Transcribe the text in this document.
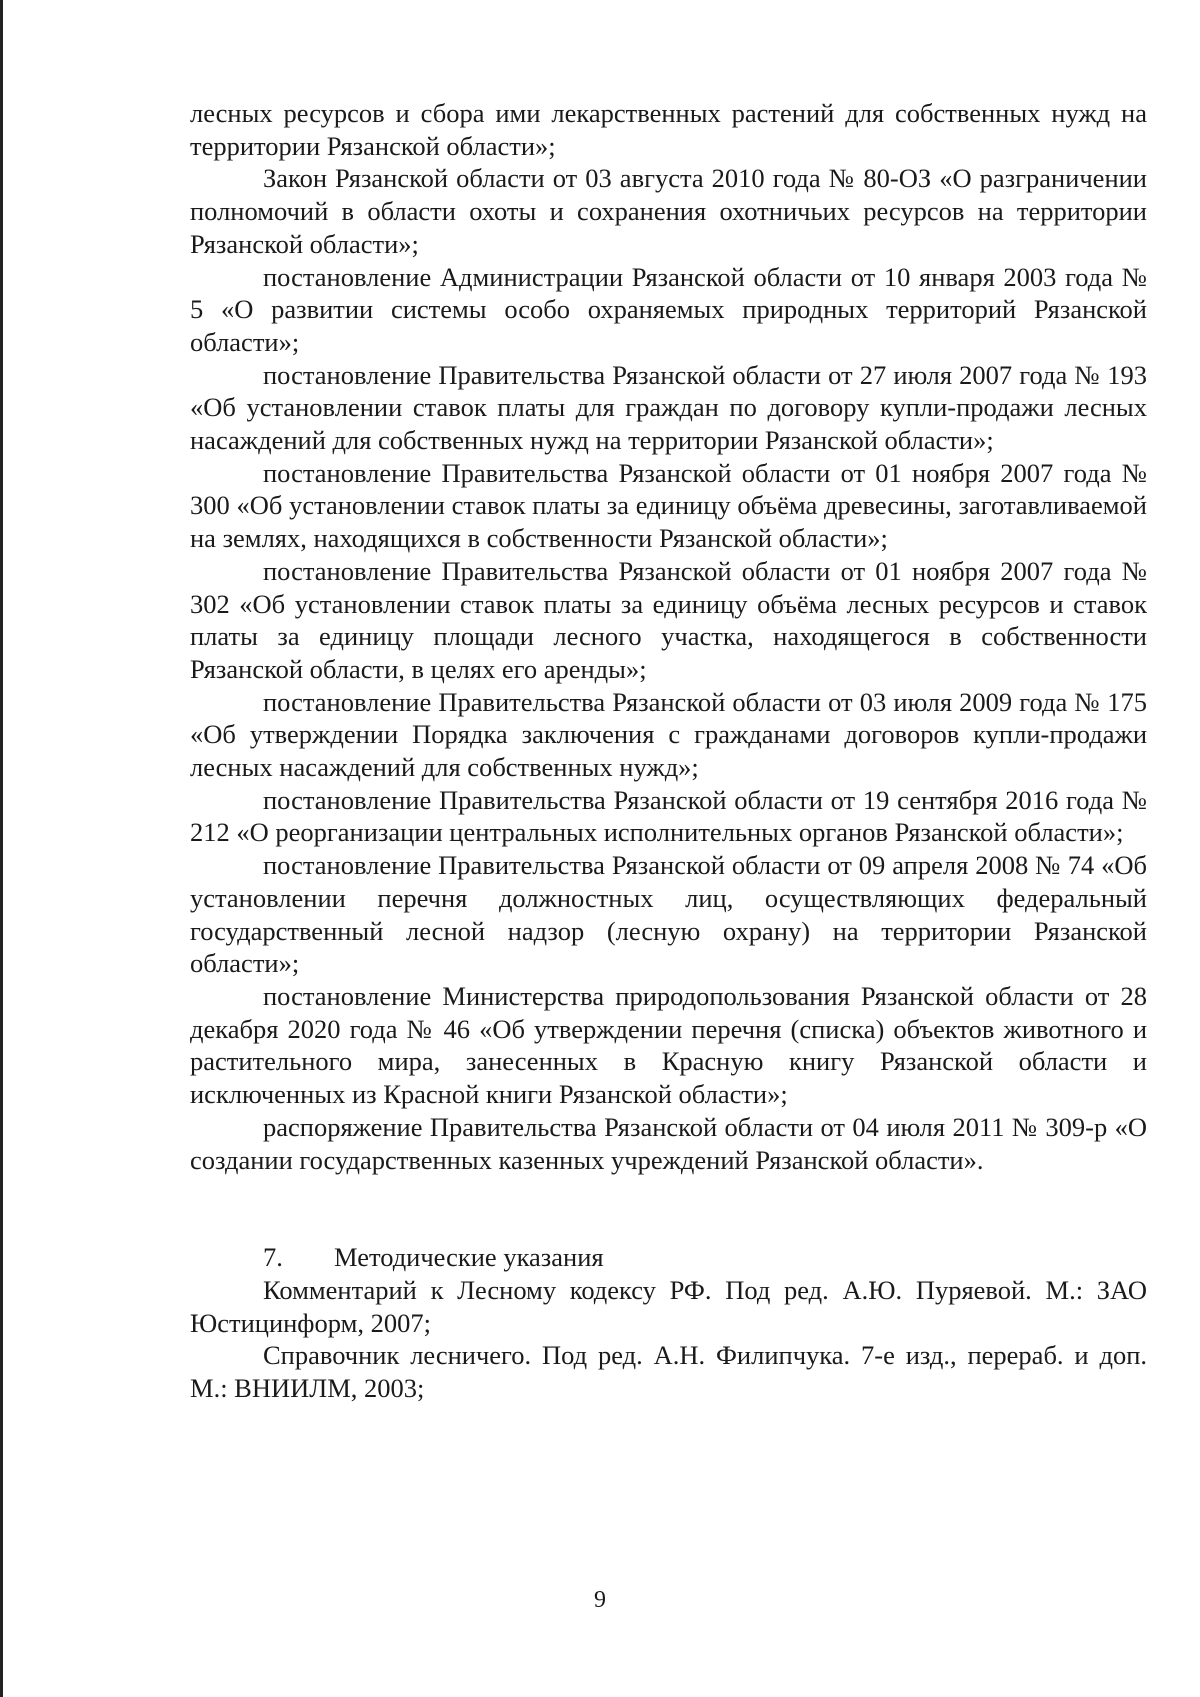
лесных ресурсов и сбора ими лекарственных растений для собственных нужд на территории Рязанской области»;

Закон Рязанской области от 03 августа 2010 года № 80-ОЗ «О разграничении полномочий в области охоты и сохранения охотничьих ресурсов на территории Рязанской области»;

постановление Администрации Рязанской области от 10 января 2003 года № 5 «О развитии системы особо охраняемых природных территорий Рязанской области»;

постановление Правительства Рязанской области от 27 июля 2007 года № 193 «Об установлении ставок платы для граждан по договору купли-продажи лесных насаждений для собственных нужд на территории Рязанской области»;

постановление Правительства Рязанской области от 01 ноября 2007 года № 300 «Об установлении ставок платы за единицу объёма древесины, заготавливаемой на землях, находящихся в собственности Рязанской области»;

постановление Правительства Рязанской области от 01 ноября 2007 года № 302 «Об установлении ставок платы за единицу объёма лесных ресурсов и ставок платы за единицу площади лесного участка, находящегося в собственности Рязанской области, в целях его аренды»;

постановление Правительства Рязанской области от 03 июля 2009 года № 175 «Об утверждении Порядка заключения с гражданами договоров купли-продажи лесных насаждений для собственных нужд»;

постановление Правительства Рязанской области от 19 сентября 2016 года № 212 «О реорганизации центральных исполнительных органов Рязанской области»;

постановление Правительства Рязанской области от 09 апреля 2008 № 74 «Об установлении перечня должностных лиц, осуществляющих федеральный государственный лесной надзор (лесную охрану) на территории Рязанской области»;

постановление Министерства природопользования Рязанской области от 28 декабря 2020 года № 46 «Об утверждении перечня (списка) объектов животного и растительного мира, занесенных в Красную книгу Рязанской области и исключенных из Красной книги Рязанской области»;

распоряжение Правительства Рязанской области от 04 июля 2011 № 309-р «О создании государственных казенных учреждений Рязанской области».

7.	Методические указания

Комментарий к Лесному кодексу РФ. Под ред. А.Ю. Пуряевой. М.: ЗАО Юстицинформ, 2007;

Справочник лесничего. Под ред. А.Н. Филипчука. 7-е изд., перераб. и доп. М.: ВНИИЛМ, 2003;

9
